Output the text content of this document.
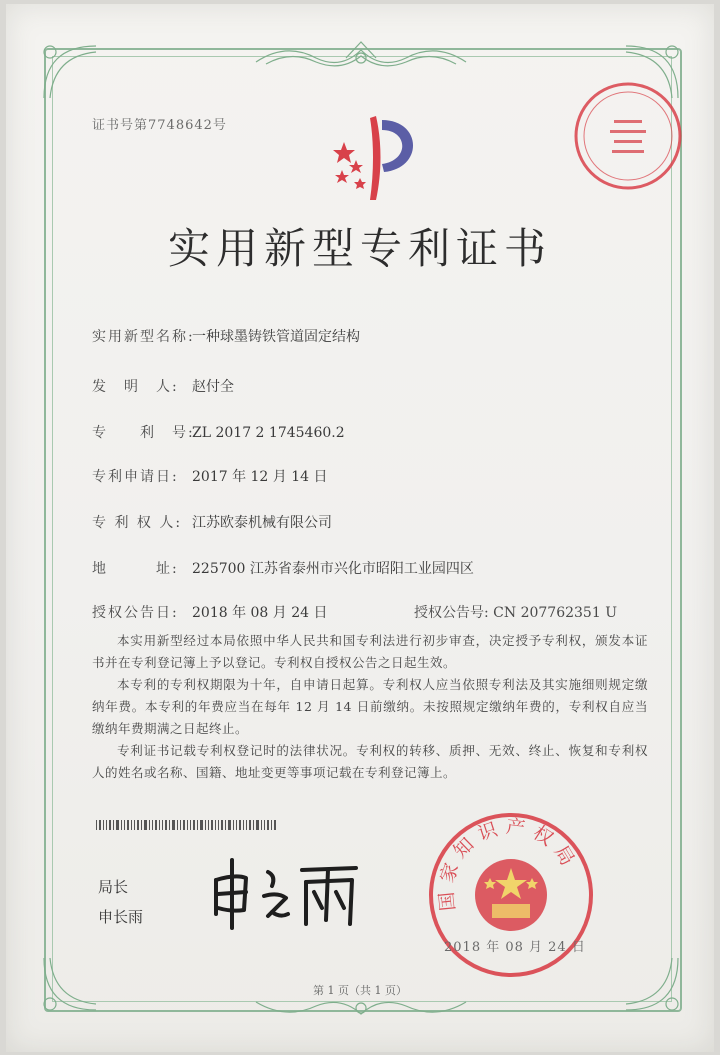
证书号第7748642号
实用新型专利证书
实用新型名称:一种球墨铸铁管道固定结构
发　明　人: 赵付全
专　　利　号:ZL 2017 2 1745460.2
专利申请日: 2017 年 12 月 14 日
专 利 权 人: 江苏欧泰机械有限公司
地　　　址: 225700 江苏省泰州市兴化市昭阳工业园四区
授权公告日: 2018 年 08 月 24 日	授权公告号: CN 207762351 U
本实用新型经过本局依照中华人民共和国专利法进行初步审查，决定授予专利权，颁发本证书并在专利登记簿上予以登记。专利权自授权公告之日起生效。
本专利的专利权期限为十年，自申请日起算。专利权人应当依照专利法及其实施细则规定缴纳年费。本专利的年费应当在每年 12 月 14 日前缴纳。未按照规定缴纳年费的，专利权自应当缴纳年费期满之日起终止。
专利证书记载专利权登记时的法律状况。专利权的转移、质押、无效、终止、恢复和专利权人的姓名或名称、国籍、地址变更等事项记载在专利登记簿上。
局长
申长雨
国家知识产权局
2018 年 08 月 24 日
第 1 页（共 1 页）
